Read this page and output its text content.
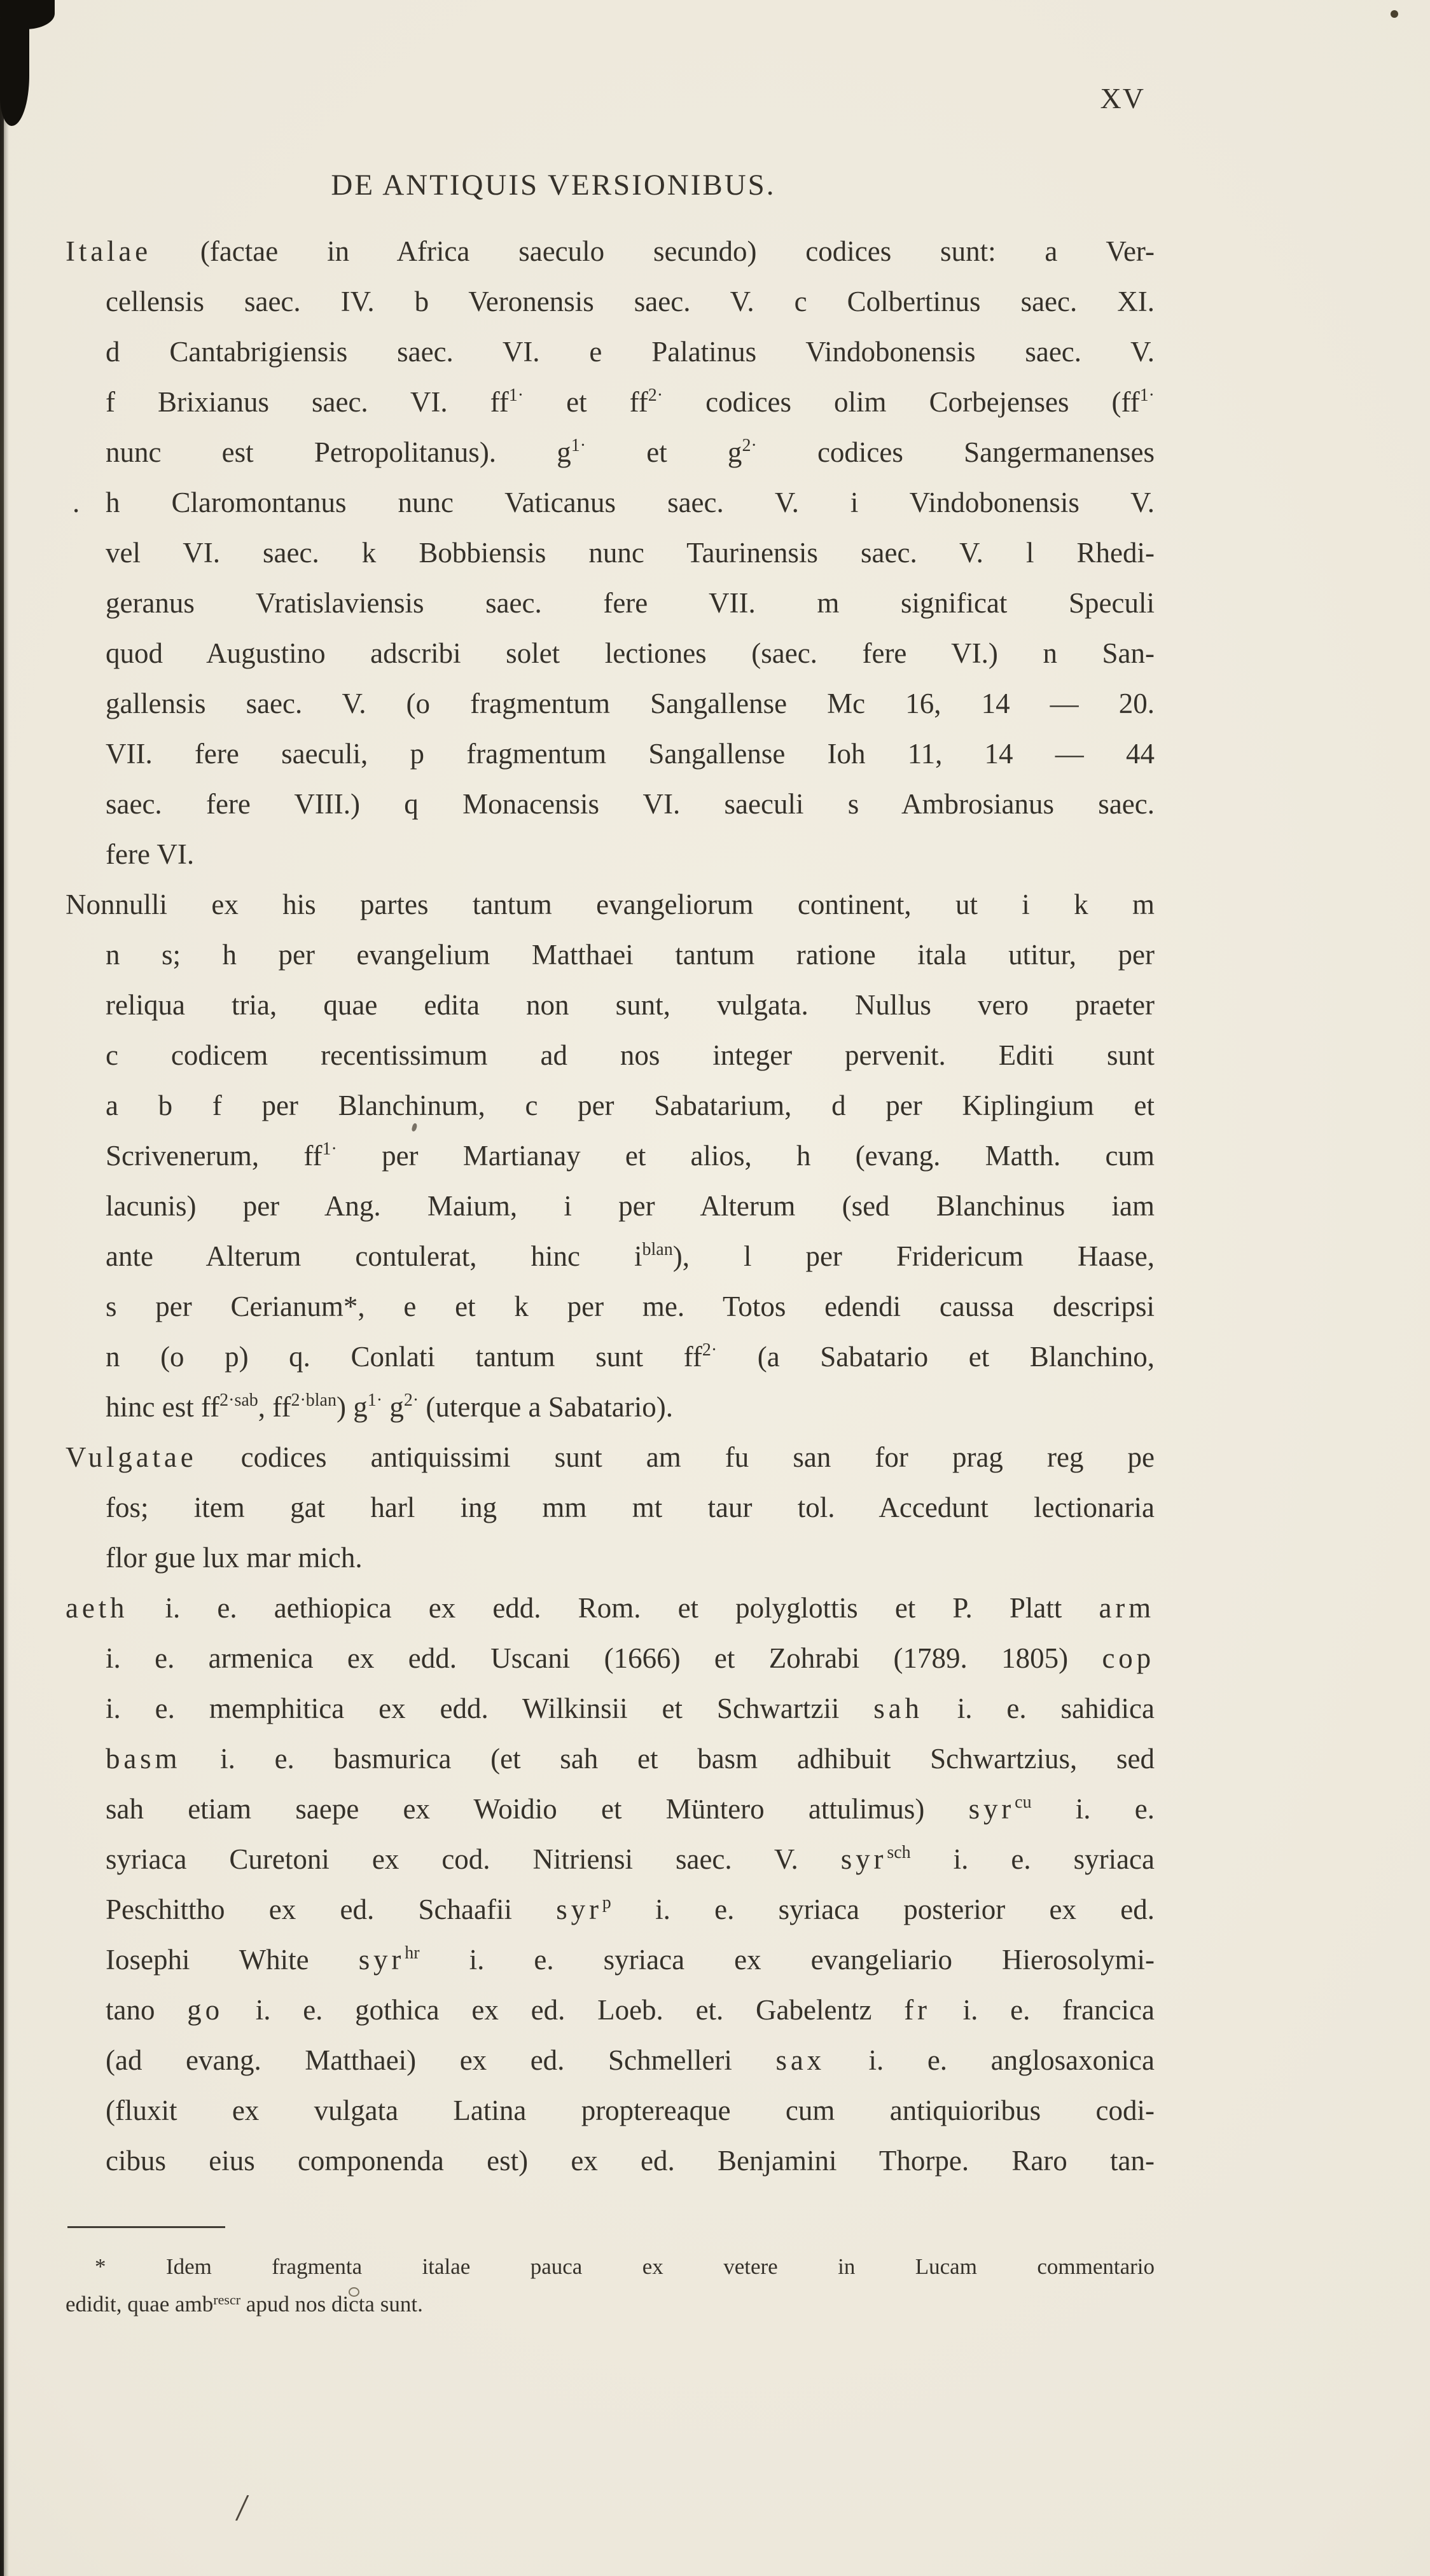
XV
DE ANTIQUIS VERSIONIBUS.
Italae (factae in Africa saeculo secundo) codices sunt: a Ver-
cellensis saec. IV. b Veronensis saec. V. c Colbertinus saec. XI.
d Cantabrigiensis saec. VI. e Palatinus Vindobonensis saec. V.
f Brixianus saec. VI. $ff^{1\cdot}$ et $ff^{2\cdot}$ codices olim Corbejenses ($ff^{1\cdot}$
nunc est Petropolitanus). $g^{1\cdot}$ et $g^{2\cdot}$ codices Sangermanenses
. h Claromontanus nunc Vaticanus saec. V. i Vindobonensis V.
vel VI. saec. k Bobbiensis nunc Taurinensis saec. V. l Rhedi-
geranus Vratislaviensis saec. fere VII. m significat Speculi
quod Augustino adscribi solet lectiones (saec. fere VI.) n San-
gallensis saec. V. (o fragmentum Sangallense Mc 16, 14 — 20.
VII. fere saeculi, p fragmentum Sangallense Ioh 11, 14 — 44
saec. fere VIII.) q Monacensis VI. saeculi s Ambrosianus saec.
fere VI.
Nonnulli ex his partes tantum evangeliorum continent, ut i k m
n s; h per evangelium Matthaei tantum ratione itala utitur, per
reliqua tria, quae edita non sunt, vulgata. Nullus vero praeter
c codicem recentissimum ad nos integer pervenit. Editi sunt
a b f per Blanchinum, c per Sabatarium, d per Kiplingium et
Scrivenerum, $ff^{1\cdot}$ per Martianay et alios, h (evang. Matth. cum
lacunis) per Ang. Maium, i per Alterum (sed Blanchinus iam
ante Alterum contulerat, hinc $i^{blan}$), l per Fridericum Haase,
s per Cerianum*, e et k per me. Totos edendi caussa descripsi
n (o p) q. Conlati tantum sunt $ff^{2\cdot}$ (a Sabatario et Blanchino,
hinc est $ff^{2\cdot sab}$, $ff^{2\cdot blan}$) $g^{1\cdot}$ $g^{2\cdot}$ (uterque a Sabatario).
Vulgatae codices antiquissimi sunt am fu san for prag reg pe
fos; item gat harl ing mm mt taur tol. Accedunt lectionaria
flor gue lux mar mich.
aeth i. e. aethiopica ex edd. Rom. et polyglottis et P. Platt arm
i. e. armenica ex edd. Uscani (1666) et Zohrabi (1789. 1805) cop
i. e. memphitica ex edd. Wilkinsii et Schwartzii sah i. e. sahidica
basm i. e. basmurica (et sah et basm adhibuit Schwartzius, sed
sah etiam saepe ex Woidio et Müntero attulimus) syr$^{cu}$ i. e.
syriaca Curetoni ex cod. Nitriensi saec. V. syr$^{sch}$ i. e. syriaca
Peschittho ex ed. Schaafii syr$^p$ i. e. syriaca posterior ex ed.
Iosephi White syr$^{hr}$ i. e. syriaca ex evangeliario Hierosolymi-
tano go i. e. gothica ex ed. Loeb. et. Gabelentz fr i. e. francica
(ad evang. Matthaei) ex ed. Schmelleri sax i. e. anglosaxonica
(fluxit ex vulgata Latina proptereaque cum antiquioribus codi-
cibus eius componenda est) ex ed. Benjamini Thorpe. Raro tan-
* Idem fragmenta italae pauca ex vetere in Lucam commentario
edidit, quae amb$^{rescr}$ apud nos dicta sunt.
/
